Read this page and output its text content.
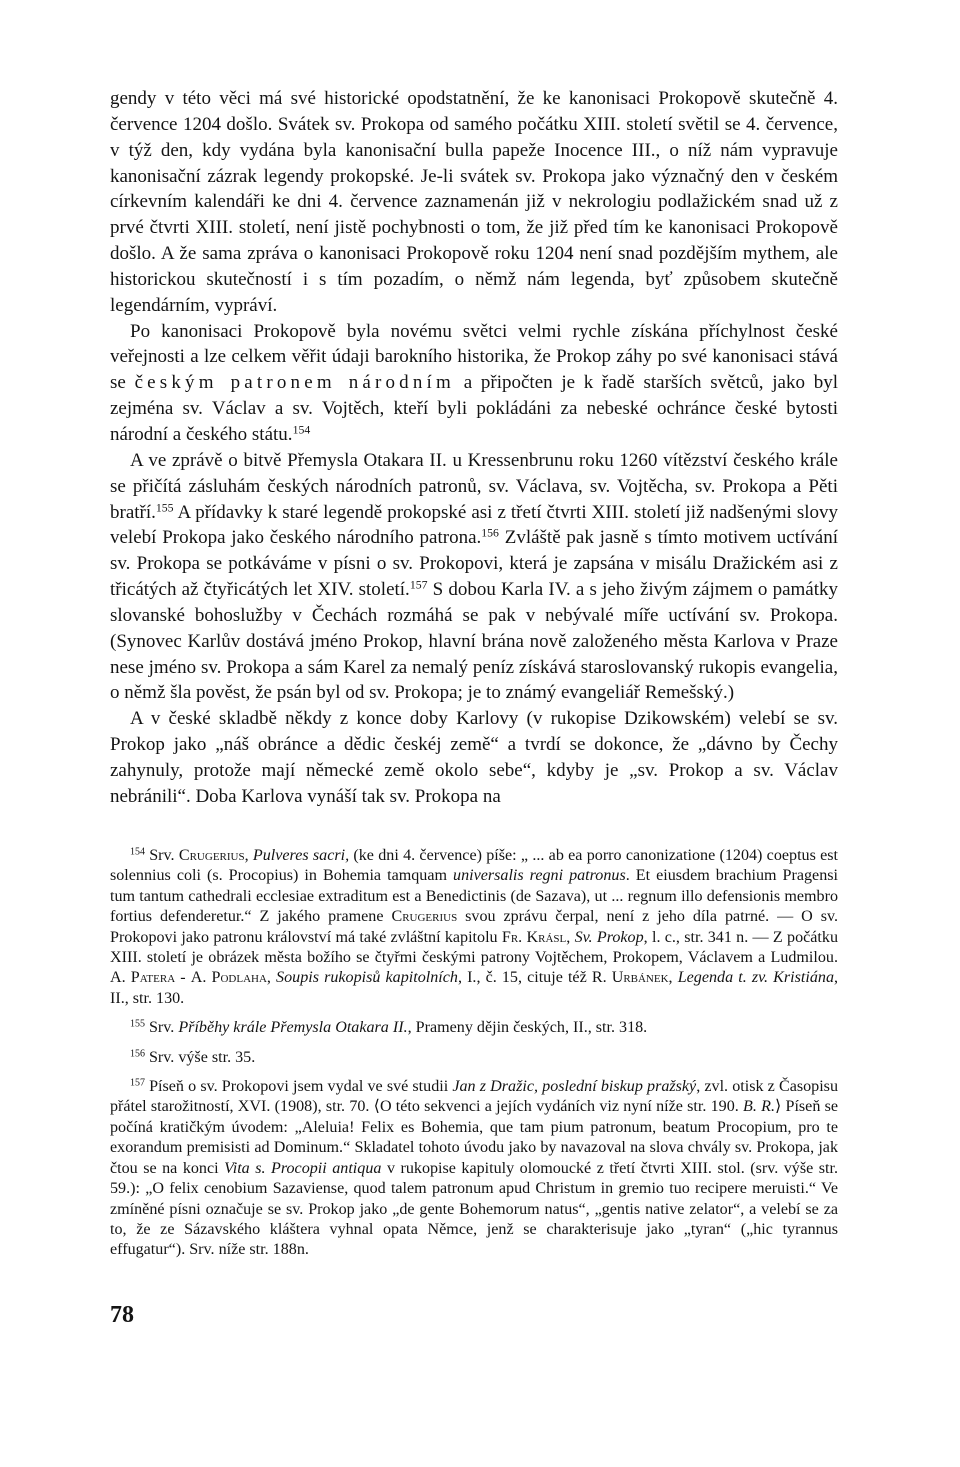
gendy v této věci má své historické opodstatnění, že ke kanonisaci Prokopově skutečně 4. července 1204 došlo. Svátek sv. Prokopa od samého počátku XIII. století světil se 4. července, v týž den, kdy vydána byla kanonisační bulla papeže Inocence III., o níž nám vypravuje kanonisační zázrak legendy prokopské. Je-li svátek sv. Prokopa jako význačný den v českém církevním kalendáři ke dni 4. července zaznamenán již v nekrologiu podlažickém snad už z prvé čtvrti XIII. století, není jistě pochybnosti o tom, že již před tím ke kanonisaci Prokopově došlo. A že sama zpráva o kanonisaci Prokopově roku 1204 není snad pozdějším mythem, ale historickou skutečností i s tím pozadím, o němž nám legenda, byť způsobem skutečně legendárním, vypráví.

Po kanonisaci Prokopově byla novému světci velmi rychle získána příchylnost české veřejnosti a lze celkem věřit údaji barokního historika, že Prokop záhy po své kanonisaci stává se českým patronem národním a připočten je k řadě starších světců, jako byl zejména sv. Václav a sv. Vojtěch, kteří byli pokládáni za nebeské ochránce české bytosti národní a českého státu.$^{154}$

A ve zprávě o bitvě Přemysla Otakara II. u Kressenbrunu roku 1260 vítězství českého krále se přičítá zásluhám českých národních patronů, sv. Václava, sv. Vojtěcha, sv. Prokopa a Pěti bratří.$^{155}$ A přídavky k staré legendě prokopské asi z třetí čtvrti XIII. století již nadšenými slovy velebí Prokopa jako českého národního patrona.$^{156}$ Zvláště pak jasně s tímto motivem uctívání sv. Prokopa se potkáváme v písni o sv. Prokopovi, která je zapsána v misálu Dražickém asi z třicátých až čtyřicátých let XIV. století.$^{157}$ S dobou Karla IV. a s jeho živým zájmem o památky slovanské bohoslužby v Čechách rozmáhá se pak v nebývalé míře uctívání sv. Prokopa. (Synovec Karlův dostává jméno Prokop, hlavní brána nově založeného města Karlova v Praze nese jméno sv. Prokopa a sám Karel za nemalý peníz získává staroslovanský rukopis evangelia, o němž šla pověst, že psán byl od sv. Prokopa; je to známý evangeliář Remešský.)

A v české skladbě někdy z konce doby Karlovy (v rukopise Dzikowském) velebí se sv. Prokop jako „náš obránce a dědic českéj země“ a tvrdí se dokonce, že „dávno by Čechy zahynuly, protože mají německé země okolo sebe“, kdyby je „sv. Prokop a sv. Václav nebránili“. Doba Karlova vynáší tak sv. Prokopa na

$^{154}$ Srv. Crugerius, Pulveres sacri, (ke dni 4. července) píše: „ ... ab ea porro canonizatione (1204) coeptus est solennius coli (s. Procopius) in Bohemia tamquam universalis regni patronus. Et eiusdem brachium Pragensi tum tantum cathedrali ecclesiae extraditum est a Benedictinis (de Sazava), ut ... regnum illo defensionis membro fortius defenderetur.“ Z jakého pramene Crugerius svou zprávu čerpal, není z jeho díla patrné. — O sv. Prokopovi jako patronu království má také zvláštní kapitolu Fr. Krásl, Sv. Prokop, l. c., str. 341 n. — Z počátku XIII. století je obrázek města božího se čtyřmi českými patrony Vojtěchem, Prokopem, Václavem a Ludmilou. A. Patera - A. Podlaha, Soupis rukopisů kapitolních, I., č. 15, cituje též R. Urbánek, Legenda t. zv. Kristiána, II., str. 130.

$^{155}$ Srv. Příběhy krále Přemysla Otakara II., Prameny dějin českých, II., str. 318.

$^{156}$ Srv. výše str. 35.

$^{157}$ Píseň o sv. Prokopovi jsem vydal ve své studii Jan z Dražic, poslední biskup pražský, zvl. otisk z Časopisu přátel starožitností, XVI. (1908), str. 70. ⟨O této sekvenci a jejích vydáních viz nyní níže str. 190. B. R.⟩ Píseň se počíná kratičkým úvodem: „Aleluia! Felix es Bohemia, que tam pium patronum, beatum Procopium, pro te exorandum premisisti ad Dominum.“ Skladatel tohoto úvodu jako by navazoval na slova chvály sv. Prokopa, jak čtou se na konci Vita s. Procopii antiqua v rukopise kapituly olomoucké z třetí čtvrti XIII. stol. (srv. výše str. 59.): „O felix cenobium Sazaviense, quod talem patronum apud Christum in gremio tuo recipere meruisti.“ Ve zmíněné písni označuje se sv. Prokop jako „de gente Bohemorum natus“, „gentis native zelator“, a velebí se za to, že ze Sázavského kláštera vyhnal opata Němce, jenž se charakterisuje jako „tyran“ („hic tyrannus effugatur“). Srv. níže str. 188n.

78
